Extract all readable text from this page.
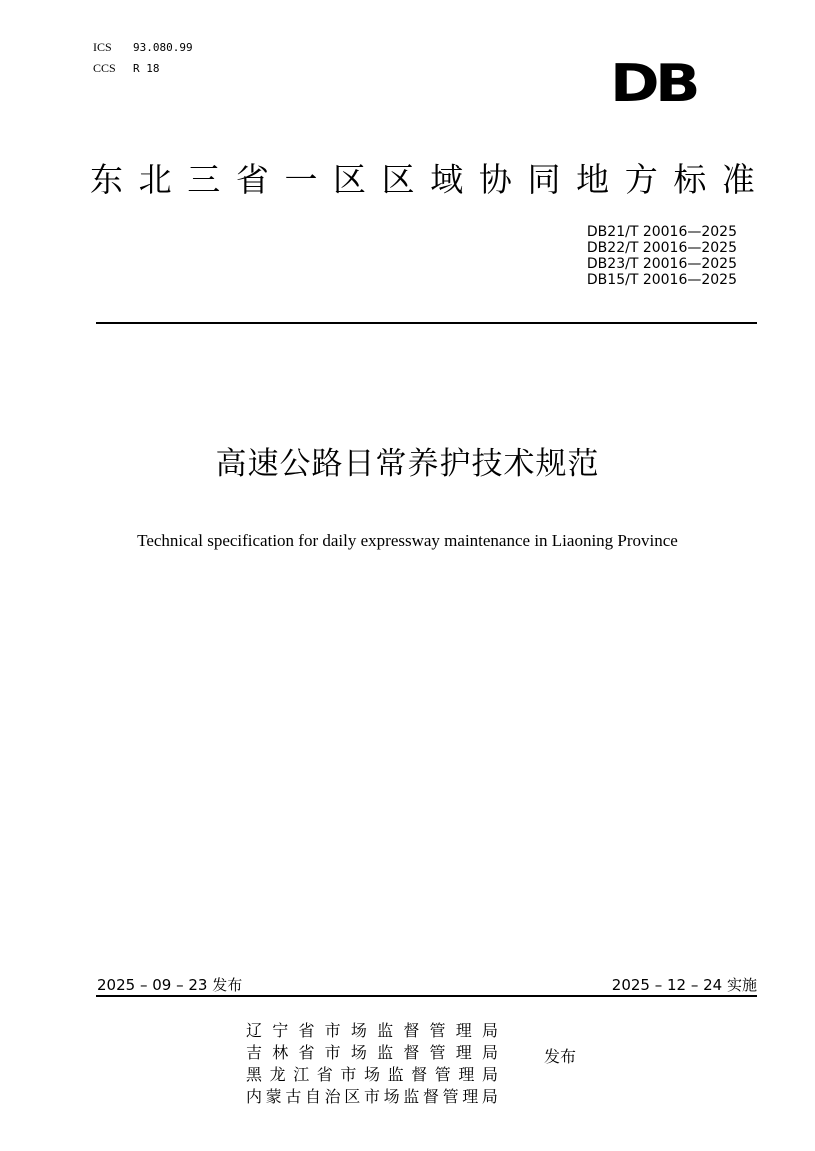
ICS 93.080.99
CCS R 18	D
B
东 北 三 省 一 区 区 域 协 同 地 方 标 准
DB21/T 20016—2025
DB22/T 20016—2025
DB23/T 20016—2025
DB15/T 20016—2025
高速公路日常养护技术规范
Technical specification for daily expressway maintenance in Liaoning Province
2025 – 09 – 23 发布	2025 – 12 – 24 实施
辽 宁 省 市 场 监 督 管 理 局
吉 林 省 市 场 监 督 管 理 局
黑 龙 江 省 市 场 监 督 管 理 局
内 蒙 古 自 治 区 市 场 监 督 管 理 局
发布
